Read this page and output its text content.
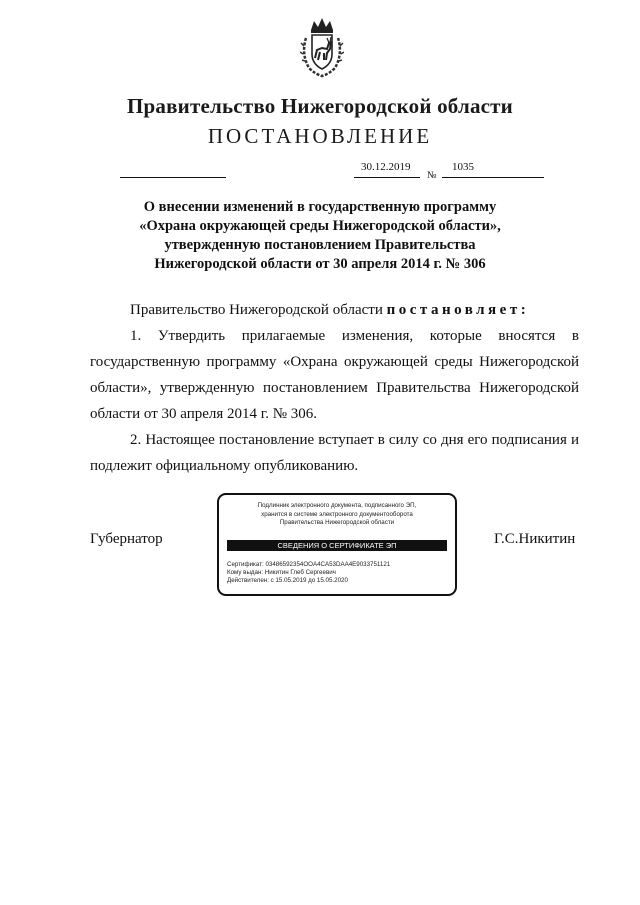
Правительство Нижегородской области
ПОСТАНОВЛЕНИЕ
30.12.2019
№
1035
О внесении изменений в государственную программу
«Охрана окружающей среды Нижегородской области»,
утвержденную постановлением Правительства
Нижегородской области от 30 апреля 2014 г. № 306
Правительство Нижегородской области постановляет:
1. Утвердить прилагаемые изменения, которые вносятся в
государственную программу «Охрана окружающей среды Нижегородской
области», утвержденную постановлением Правительства Нижегородской
области от 30 апреля 2014 г. № 306.
2. Настоящее постановление вступает в силу со дня его подписания и
подлежит официальному опубликованию.
Губернатор
Подлинник электронного документа, подписанного ЭП,
хранится в системе электронного документооборота
Правительства Нижегородской области
СВЕДЕНИЯ О СЕРТИФИКАТЕ ЭП
Сертификат: 03486592354OOA4CA53DAA4E9033751121
Кому выдан: Никитин Глеб Сергеевич
Действителен: с 15.05.2019 до 15.05.2020
Г.С.Никитин
